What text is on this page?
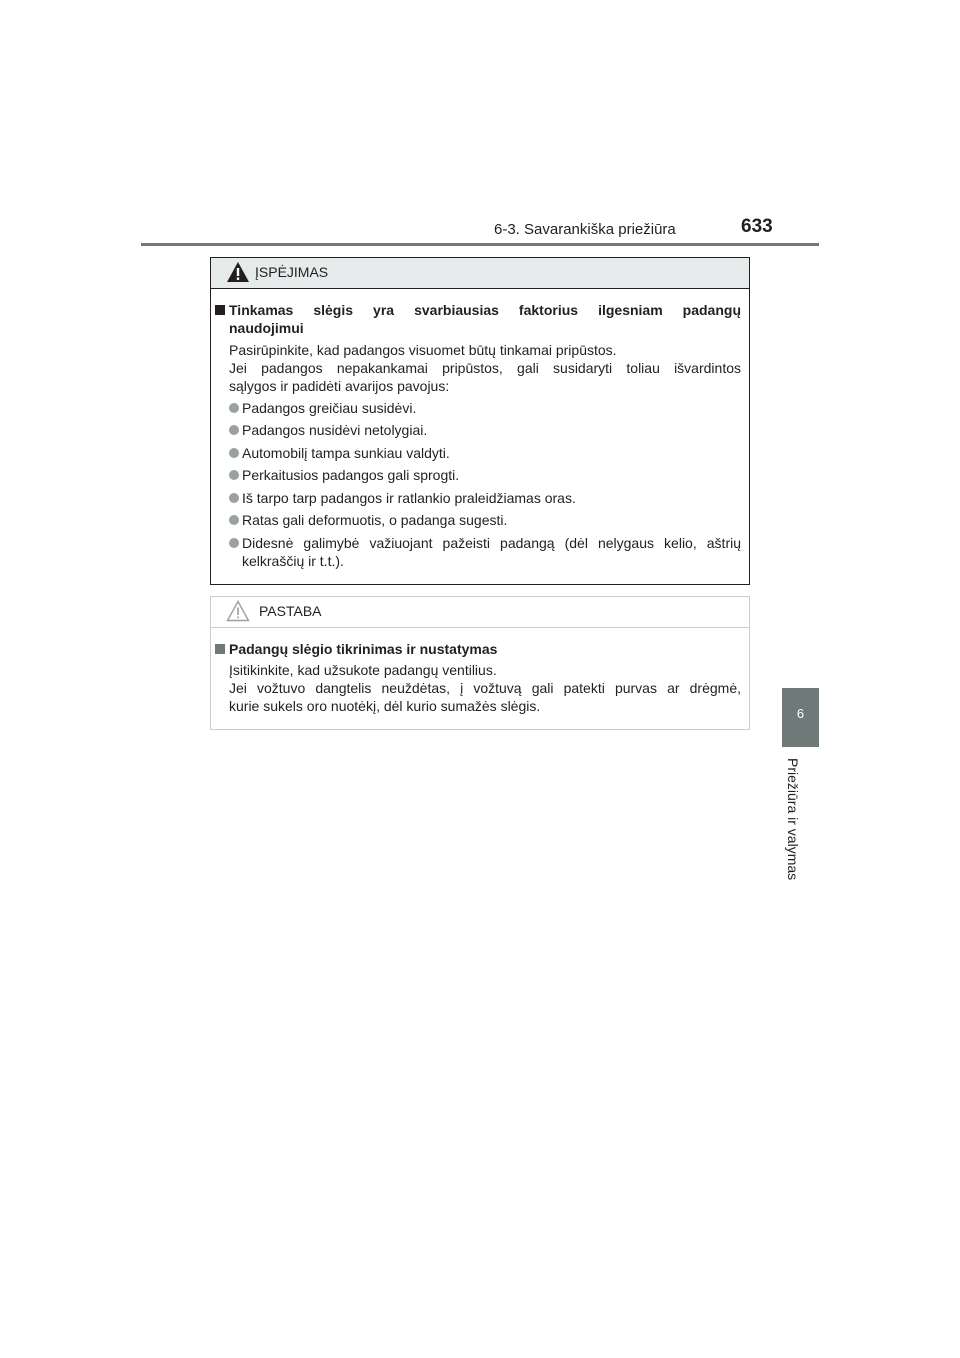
6-3. Savarankiška priežiūra	633
6
Priežiūra ir valymas
ĮSPĖJIMAS
Tinkamas slėgis yra svarbiausias faktorius ilgesniam padangų
naudojimui
Pasirūpinkite, kad padangos visuomet būtų tinkamai pripūstos.
Jei padangos nepakankamai pripūstos, gali susidaryti toliau išvardintos
sąlygos ir padidėti avarijos pavojus:
Padangos greičiau susidėvi.
Padangos nusidėvi netolygiai.
Automobilį tampa sunkiau valdyti.
Perkaitusios padangos gali sprogti.
Iš tarpo tarp padangos ir ratlankio praleidžiamas oras.
Ratas gali deformuotis, o padanga sugesti.
Didesnė galimybė važiuojant pažeisti padangą (dėl nelygaus kelio, aštrių
kelkraščių ir t.t.).
PASTABA
Padangų slėgio tikrinimas ir nustatymas
Įsitikinkite, kad užsukote padangų ventilius.
Jei vožtuvo dangtelis neuždėtas, į vožtuvą gali patekti purvas ar drėgmė,
kurie sukels oro nuotėkį, dėl kurio sumažės slėgis.
